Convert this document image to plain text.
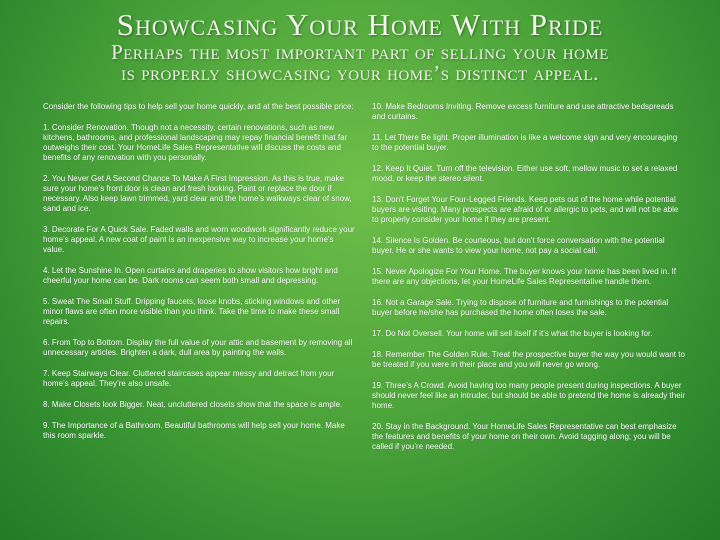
Showcasing Your Home With Pride
Perhaps the most important part of selling your home
is properly showcasing your home’s distinct appeal.

Consider the following tips to help sell your home quickly, and at the best possible price:

1. Consider Renovation. Though not a necessity, certain renovations, such as new kitchens, bathrooms, and professional landscaping may repay financial benefit that far outweighs their cost. Your HomeLife Sales Representative will discuss the costs and benefits of any renovation with you personally.

2. You Never Get A Second Chance To Make A First Impression. As this is true, make sure your home’s front door is clean and fresh looking. Paint or replace the door if necessary. Also keep lawn trimmed, yard clear and the home’s walkways clear of snow, sand and ice.

3. Decorate For A Quick Sale. Faded walls and worn woodwork significantly reduce your home’s appeal. A new coat of paint is an inexpensive way to increase your home’s value.

4. Let the Sunshine In. Open curtains and draperies to show visitors how bright and cheerful your home can be. Dark rooms can seem both small and depressing.

5. Sweat The Small Stuff. Dripping faucets, loose knobs, sticking windows and other minor flaws are often more visible than you think. Take the time to make these small repairs.

6. From Top to Bottom. Display the full value of your attic and basement by removing all unnecessary articles. Brighten a dark, dull area by painting the walls.

7. Keep Stairways Clear. Cluttered staircases appear messy and detract from your home’s appeal. They’re also unsafe.

8. Make Closets look Bigger. Neat, uncluttered closets show that the space is ample.

9. The Importance of a Bathroom. Beautiful bathrooms will help sell your home. Make this room sparkle.

10. Make Bedrooms Inviting. Remove excess furniture and use attractive bedspreads and curtains.

11. Let There Be light. Proper illumination is like a welcome sign and very encouraging to the potential buyer.

12. Keep It Quiet. Turn off the television. Either use soft, mellow music to set a relaxed mood, or keep the stereo silent.

13. Don’t Forget Your Four-Legged Friends. Keep pets out of the home while potential buyers are visiting. Many prospects are afraid of or allergic to pets, and will not be able to properly consider your home if they are present.

14. Silence Is Golden. Be courteous, but don’t force conversation with the potential buyer. He or she wants to view your home, not pay a social call.

15. Never Apologize For Your Home. The buyer knows your home has been lived in. If there are any objections, let your HomeLife Sales Representative handle them.

16. Not a Garage Sale. Trying to dispose of furniture and furnishings to the potential buyer before he/she has purchased the home often loses the sale.

17. Do Not Oversell. Your home will sell itself if it’s what the buyer is looking for.

18. Remember The Golden Rule. Treat the prospective buyer the way you would want to be treated if you were in their place and you will never go wrong.

19. Three’s A Crowd. Avoid having too many people present during inspections. A buyer should never feel like an intruder, but should be able to pretend the home is already their home.

20. Stay in the Background. Your HomeLife Sales Representative can best emphasize the features and benefits of your home on their own. Avoid tagging along; you will be called if you’re needed.
